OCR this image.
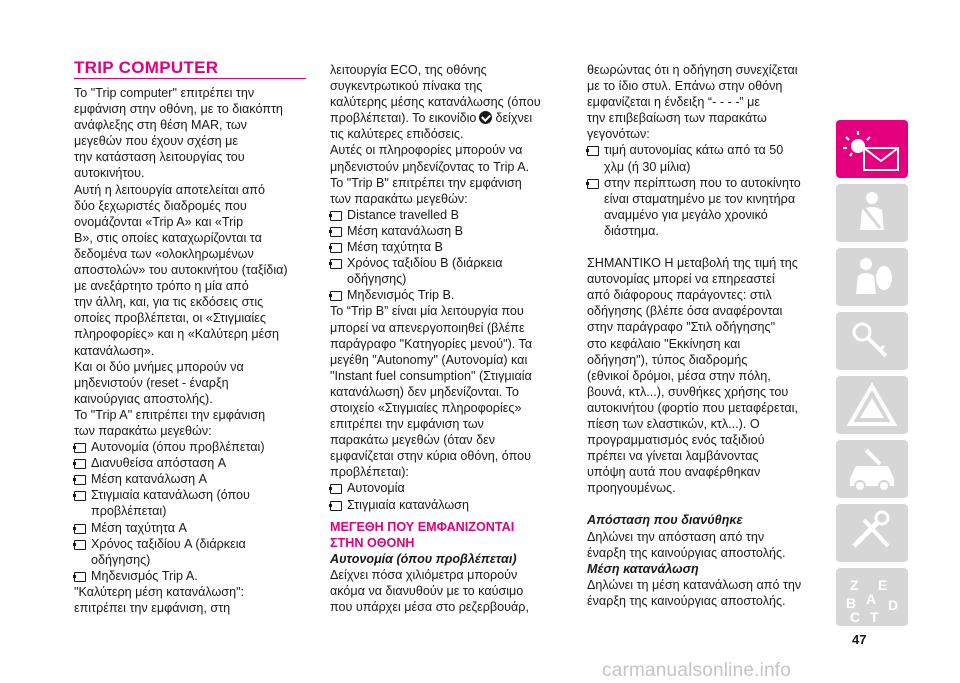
TRIP COMPUTER

Το "Trip computer" επιτρέπει την
εμφάνιση στην οθόνη, με το διακόπτη
ανάφλεξης στη θέση MAR, των
μεγεθών που έχουν σχέση με
την κατάσταση λειτουργίας του
αυτοκινήτου.

Αυτή η λειτουργία αποτελείται από
δύο ξεχωριστές διαδρομές που
ονομάζονται «Trip A» και «Trip
B», στις οποίες καταχωρίζονται τα
δεδομένα των «ολοκληρωμένων
αποστολών» του αυτοκινήτου (ταξίδια)
με ανεξάρτητο τρόπο η μία από
την άλλη, και, για τις εκδόσεις στις
οποίες προβλέπεται, οι «Στιγμιαίες
πληροφορίες» και η «Καλύτερη μέση
κατανάλωση».

Και οι δύο μνήμες μπορούν να
μηδενιστούν (reset - έναρξη
καινούργιας αποστολής).

Το "Trip A" επιτρέπει την εμφάνιση
των παρακάτω μεγεθών:

Αυτονομία (όπου προβλέπεται)
Διανυθείσα απόσταση A
Μέση κατανάλωση A
Στιγμιαία κατανάλωση (όπου
προβλέπεται)
Μέση ταχύτητα A
Χρόνος ταξιδίου A (διάρκεια
οδήγησης)
Μηδενισμός Trip A.

"Καλύτερη μέση κατανάλωση":
επιτρέπει την εμφάνιση, στη

λειτουργία ECO, της οθόνης
συγκεντρωτικού πίνακα της
καλύτερης μέσης κατανάλωσης (όπου
προβλέπεται). Το εικονίδιο δείχνει
τις καλύτερες επιδόσεις.

Αυτές οι πληροφορίες μπορούν να
μηδενιστούν μηδενίζοντας το Trip A.

Το "Trip B" επιτρέπει την εμφάνιση
των παρακάτω μεγεθών:

Distance travelled B
Μέση κατανάλωση B
Μέση ταχύτητα B
Χρόνος ταξιδίου B (διάρκεια
οδήγησης)
Μηδενισμός Trip B.

Το “Trip B” είναι μία λειτουργία που
μπορεί να απενεργοποιηθεί (βλέπε
παράγραφο "Κατηγορίες μενού"). Τα
μεγέθη "Autonomy" (Αυτονομία) και
"Instant fuel consumption" (Στιγμιαία
κατανάλωση) δεν μηδενίζονται. Το
στοιχείο «Στιγμιαίες πληροφορίες»
επιτρέπει την εμφάνιση των
παρακάτω μεγεθών (όταν δεν
εμφανίζεται στην κύρια οθόνη, όπου
προβλέπεται):

Αυτονομία
Στιγμιαία κατανάλωση

ΜΕΓΕΘΗ ΠΟΥ ΕΜΦΑΝΙΖΟΝΤΑΙ
ΣΤΗΝ ΟΘΟΝΗ

Αυτονομία (όπου προβλέπεται)

Δείχνει πόσα χιλιόμετρα μπορούν
ακόμα να διανυθούν με το καύσιμο
που υπάρχει μέσα στο ρεζερβουάρ,

θεωρώντας ότι η οδήγηση συνεχίζεται
με το ίδιο στυλ. Επάνω στην οθόνη
εμφανίζεται η ένδειξη “- - - -” με
την επιβεβαίωση των παρακάτω
γεγονότων:

τιμή αυτονομίας κάτω από τα 50
χλμ (ή 30 μίλια)
στην περίπτωση που το αυτοκίνητο
είναι σταματημένο με τον κινητήρα
αναμμένο για μεγάλο χρονικό
διάστημα.

ΣΗΜΑΝΤΙΚΟ Η μεταβολή της τιμή της
αυτονομίας μπορεί να επηρεαστεί
από διάφορους παράγοντες: στιλ
οδήγησης (βλέπε όσα αναφέρονται
στην παράγραφο "Στιλ οδήγησης"
στο κεφάλαιο "Εκκίνηση και
οδήγηση"), τύπος διαδρομής
(εθνικοί δρόμοι, μέσα στην πόλη,
βουνά, κτλ...), συνθήκες χρήσης του
αυτοκινήτου (φορτίο που μεταφέρεται,
πίεση των ελαστικών, κτλ...). Ο
προγραμματισμός ενός ταξιδιού
πρέπει να γίνεται λαμβάνοντας
υπόψη αυτά που αναφέρθηκαν
προηγουμένως.

Απόσταση που διανύθηκε

Δηλώνει την απόσταση από την
έναρξη της καινούργιας αποστολής.

Μέση κατανάλωση

Δηλώνει τη μέση κατανάλωση από την
έναρξη της καινούργιας αποστολής.

Z E
B A
C T
D
47
carmanualsonline.info
